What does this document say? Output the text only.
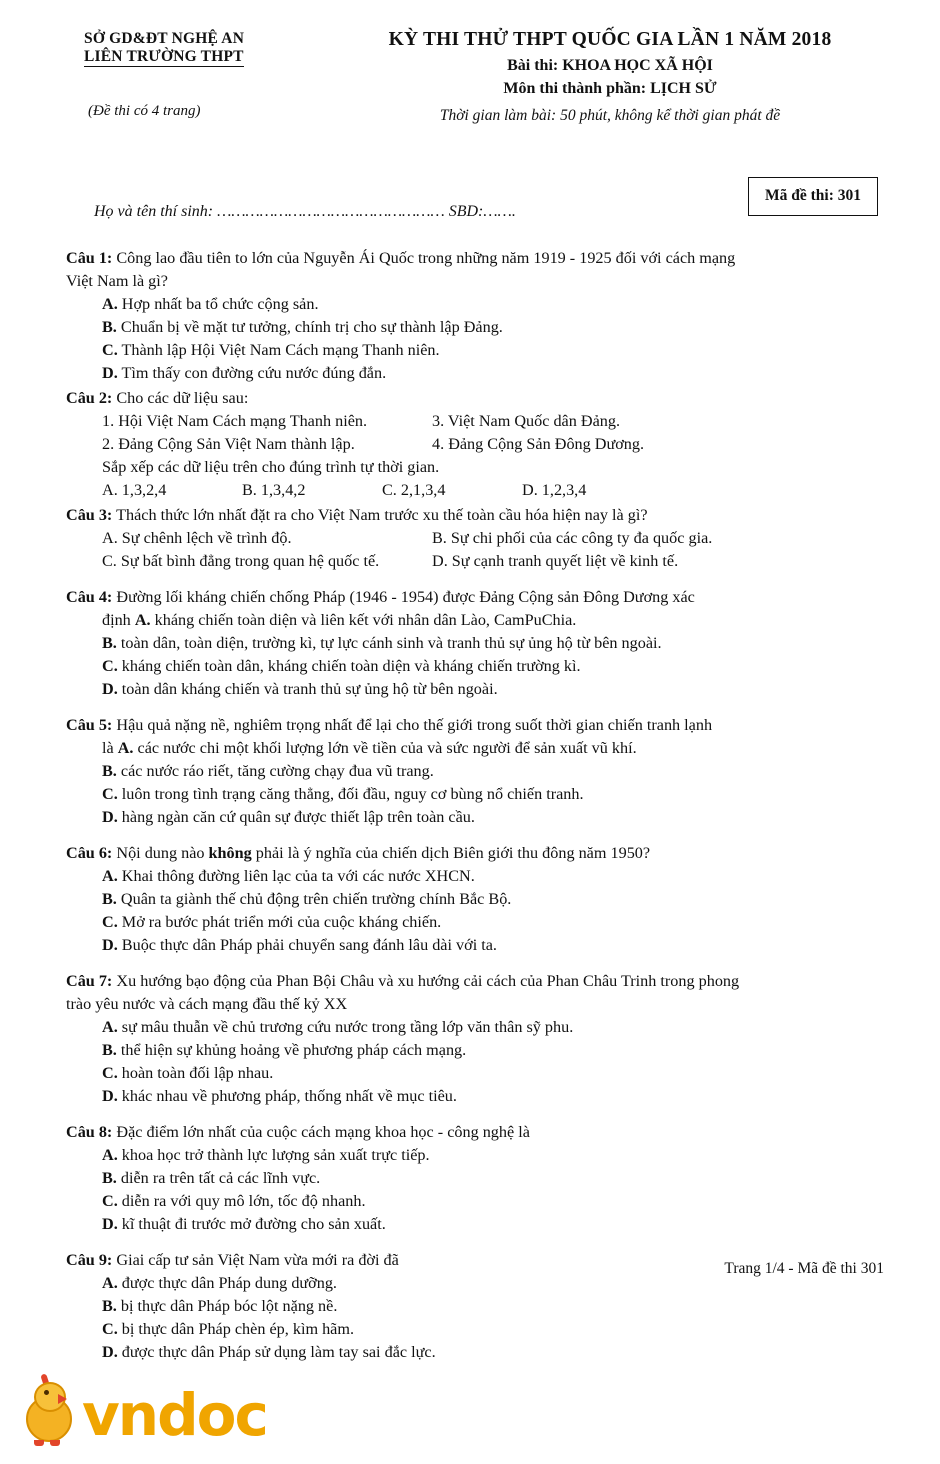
SỞ GD&ĐT NGHỆ AN
LIÊN TRƯỜNG THPT
(Đề thi có 4 trang)
KỲ THI THỬ THPT QUỐC GIA LẦN 1 NĂM 2018
Bài thi: KHOA HỌC XÃ HỘI
Môn thi thành phần: LỊCH SỬ
Thời gian làm bài: 50 phút, không kể thời gian phát đề
Họ và tên thí sinh: ………………………………………… SBD:…….
Mã đề thi: 301
Câu 1: Công lao đầu tiên to lớn của Nguyễn Ái Quốc trong những năm 1919 - 1925 đối với cách mạng
Việt Nam là gì?
A. Hợp nhất ba tổ chức cộng sản.
B. Chuẩn bị về mặt tư tưởng, chính trị cho sự thành lập Đảng.
C. Thành lập Hội Việt Nam Cách mạng Thanh niên.
D. Tìm thấy con đường cứu nước đúng đắn.
Câu 2: Cho các dữ liệu sau:
1. Hội Việt Nam Cách mạng Thanh niên.	3. Việt Nam Quốc dân Đảng.
2. Đảng Cộng Sản Việt Nam thành lập.	4. Đảng Cộng Sản Đông Dương.
Sắp xếp các dữ liệu trên cho đúng trình tự thời gian.
A. 1,3,2,4	B. 1,3,4,2	C. 2,1,3,4	D. 1,2,3,4
Câu 3: Thách thức lớn nhất đặt ra cho Việt Nam trước xu thế toàn cầu hóa hiện nay là gì?
A. Sự chênh lệch về trình độ.	B. Sự chi phối của các công ty đa quốc gia.
C. Sự bất bình đẳng trong quan hệ quốc tế.	D. Sự cạnh tranh quyết liệt về kinh tế.
Câu 4: Đường lối kháng chiến chống Pháp (1946 - 1954) được Đảng Cộng sản Đông Dương xác
định A. kháng chiến toàn diện và liên kết với nhân dân Lào, CamPuChia.
B. toàn dân, toàn diện, trường kì, tự lực cánh sinh và tranh thủ sự ủng hộ từ bên ngoài.
C. kháng chiến toàn dân, kháng chiến toàn diện và kháng chiến trường kì.
D. toàn dân kháng chiến và tranh thủ sự ủng hộ từ bên ngoài.
Câu 5: Hậu quả nặng nề, nghiêm trọng nhất để lại cho thế giới trong suốt thời gian chiến tranh lạnh
là A. các nước chi một khối lượng lớn về tiền của và sức người để sản xuất vũ khí.
B. các nước ráo riết, tăng cường chạy đua vũ trang.
C. luôn trong tình trạng căng thẳng, đối đầu, nguy cơ bùng nổ chiến tranh.
D. hàng ngàn căn cứ quân sự được thiết lập trên toàn cầu.
Câu 6: Nội dung nào không phải là ý nghĩa của chiến dịch Biên giới thu đông năm 1950?
A. Khai thông đường liên lạc của ta với các nước XHCN.
B. Quân ta giành thế chủ động trên chiến trường chính Bắc Bộ.
C. Mở ra bước phát triển mới của cuộc kháng chiến.
D. Buộc thực dân Pháp phải chuyển sang đánh lâu dài với ta.
Câu 7: Xu hướng bạo động của Phan Bội Châu và xu hướng cải cách của Phan Châu Trinh trong phong
trào yêu nước và cách mạng đầu thế kỷ XX
A. sự mâu thuẫn về chủ trương cứu nước trong tầng lớp văn thân sỹ phu.
B. thể hiện sự khủng hoảng về phương pháp cách mạng.
C. hoàn toàn đối lập nhau.
D. khác nhau về phương pháp, thống nhất về mục tiêu.
Câu 8: Đặc điểm lớn nhất của cuộc cách mạng khoa học - công nghệ là
A. khoa học trở thành lực lượng sản xuất trực tiếp.
B. diễn ra trên tất cả các lĩnh vực.
C. diễn ra với quy mô lớn, tốc độ nhanh.
D. kĩ thuật đi trước mở đường cho sản xuất.
Câu 9: Giai cấp tư sản Việt Nam vừa mới ra đời đã
A. được thực dân Pháp dung dưỡng.
B. bị thực dân Pháp bóc lột nặng nề.
C. bị thực dân Pháp chèn ép, kìm hãm.
D. được thực dân Pháp sử dụng làm tay sai đắc lực.
Trang 1/4 - Mã đề thi 301
vndoc
